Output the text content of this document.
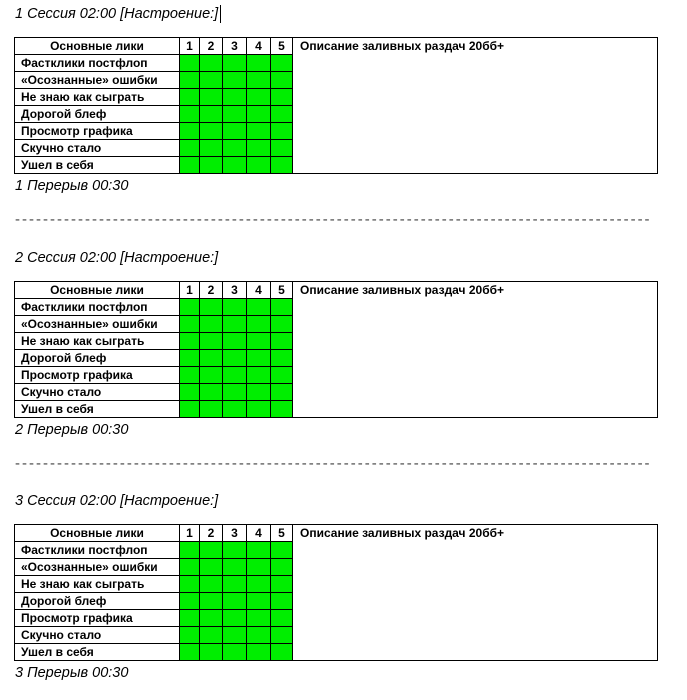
1 Сессия 02:00 [Настроение:]
Основные лики	1	2	3	4	5	Описание заливных раздач 20бб+
Фастклики постфлоп						
«Осознанные» ошибки						
Не знаю как сыграть						
Дорогой блеф						
Просмотр графика						
Скучно стало						
Ушел в себя						
1 Перерыв 00:30
-------------------------------------------------------------------------------------------
2 Сессия 02:00 [Настроение:]
Основные лики	1	2	3	4	5	Описание заливных раздач 20бб+
Фастклики постфлоп						
«Осознанные» ошибки						
Не знаю как сыграть						
Дорогой блеф						
Просмотр графика						
Скучно стало						
Ушел в себя						
2 Перерыв 00:30
-------------------------------------------------------------------------------------------
3 Сессия 02:00 [Настроение:]
Основные лики	1	2	3	4	5	Описание заливных раздач 20бб+
Фастклики постфлоп						
«Осознанные» ошибки						
Не знаю как сыграть						
Дорогой блеф						
Просмотр графика						
Скучно стало						
Ушел в себя						
3 Перерыв 00:30
